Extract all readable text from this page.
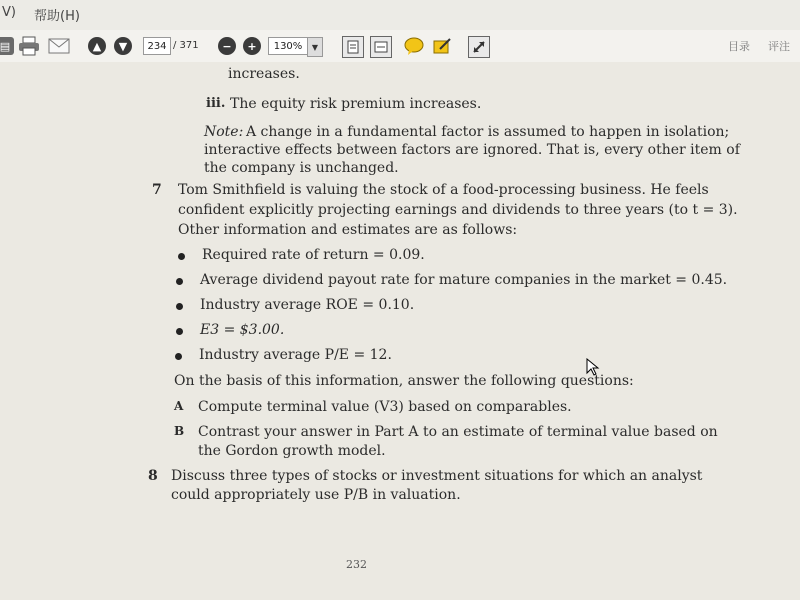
V) 帮助(H)
▤	▲	▼	234 / 371	−	+	130%	▼	目录 评注
increases.
iii. The equity risk premium increases.
Note: A change in a fundamental factor is assumed to happen in isolation;
interactive effects between factors are ignored. That is, every other item of
the company is unchanged.
7 Tom Smithfield is valuing the stock of a food-processing business. He feels
confident explicitly projecting earnings and dividends to three years (to t = 3).
Other information and estimates are as follows:
Required rate of return = 0.09.
Average dividend payout rate for mature companies in the market = 0.45.
Industry average ROE = 0.10.
E3 = $3.00.
Industry average P/E = 12.
On the basis of this information, answer the following questions:
A Compute terminal value (V3) based on comparables.
B Contrast your answer in Part A to an estimate of terminal value based on
the Gordon growth model.
8 Discuss three types of stocks or investment situations for which an analyst
could appropriately use P/B in valuation.
232
